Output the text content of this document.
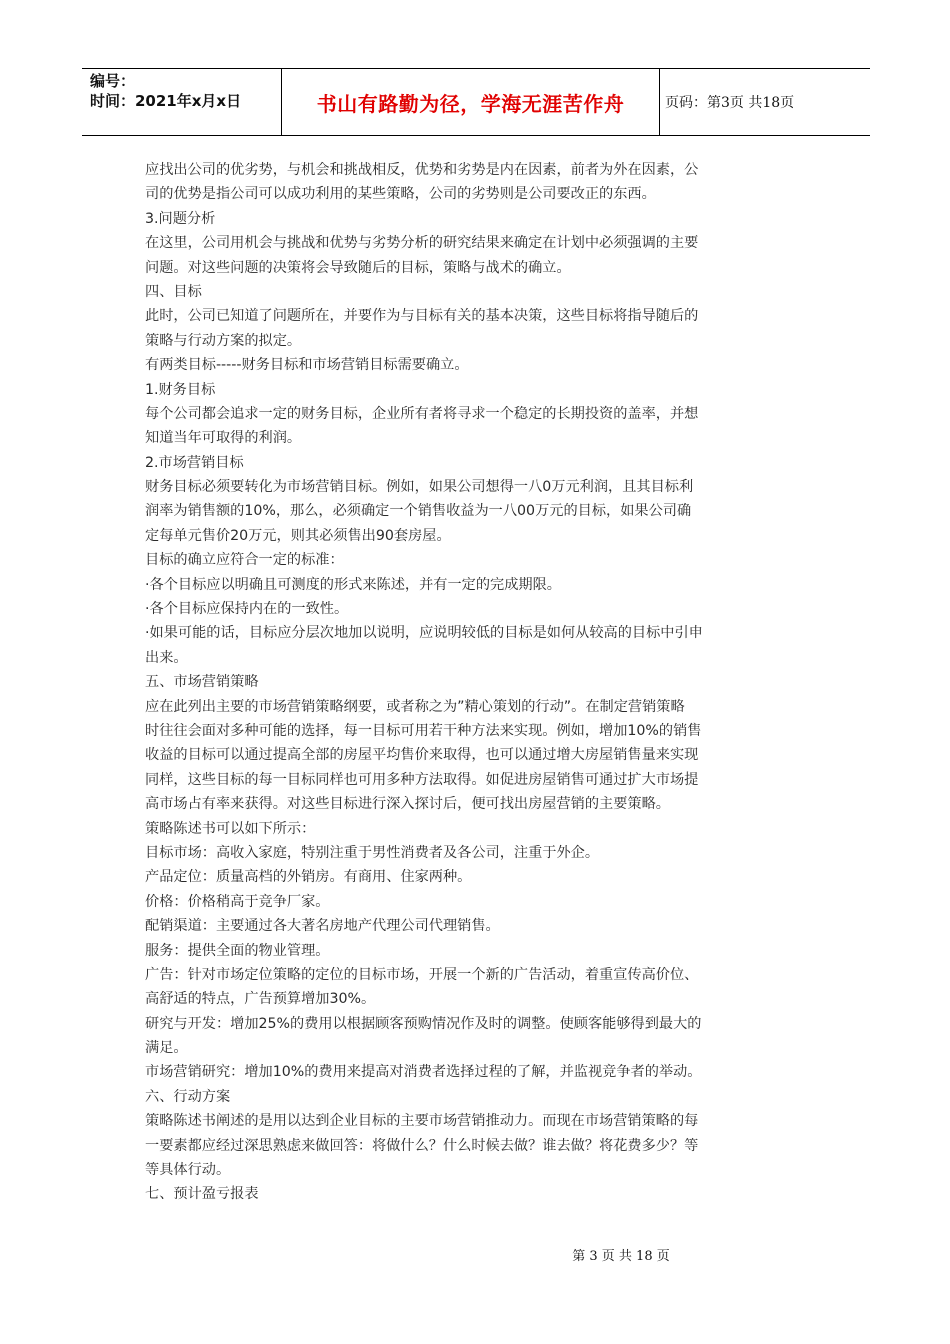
编号：
时间：2021年x月x日	书山有路勤为径，学海无涯苦作舟	页码：第3页 共18页
应找出公司的优劣势，与机会和挑战相反，优势和劣势是内在因素，前者为外在因素，公
司的优势是指公司可以成功利用的某些策略，公司的劣势则是公司要改正的东西。
3.问题分析
在这里，公司用机会与挑战和优势与劣势分析的研究结果来确定在计划中必须强调的主要
问题。对这些问题的决策将会导致随后的目标，策略与战术的确立。
四、目标
此时，公司已知道了问题所在，并要作为与目标有关的基本决策，这些目标将指导随后的
策略与行动方案的拟定。
有两类目标-----财务目标和市场营销目标需要确立。
1.财务目标
每个公司都会追求一定的财务目标，企业所有者将寻求一个稳定的长期投资的盖率，并想
知道当年可取得的利润。
2.市场营销目标
财务目标必须要转化为市场营销目标。例如，如果公司想得一八0万元利润，且其目标利
润率为销售额的10%，那么，必须确定一个销售收益为一八00万元的目标，如果公司确
定每单元售价20万元，则其必须售出90套房屋。
目标的确立应符合一定的标准：
·各个目标应以明确且可测度的形式来陈述，并有一定的完成期限。
·各个目标应保持内在的一致性。
·如果可能的话，目标应分层次地加以说明，应说明较低的目标是如何从较高的目标中引申
出来。
五、市场营销策略
应在此列出主要的市场营销策略纲要，或者称之为”精心策划的行动”。在制定营销策略
时往往会面对多种可能的选择，每一目标可用若干种方法来实现。例如，增加10%的销售
收益的目标可以通过提高全部的房屋平均售价来取得，也可以通过增大房屋销售量来实现
同样，这些目标的每一目标同样也可用多种方法取得。如促进房屋销售可通过扩大市场提
高市场占有率来获得。对这些目标进行深入探讨后，便可找出房屋营销的主要策略。
策略陈述书可以如下所示：
目标市场：高收入家庭，特别注重于男性消费者及各公司，注重于外企。
产品定位：质量高档的外销房。有商用、住家两种。
价格：价格稍高于竞争厂家。
配销渠道：主要通过各大著名房地产代理公司代理销售。
服务：提供全面的物业管理。
广告：针对市场定位策略的定位的目标市场，开展一个新的广告活动，着重宣传高价位、
高舒适的特点，广告预算增加30%。
研究与开发：增加25%的费用以根据顾客预购情况作及时的调整。使顾客能够得到最大的
满足。
市场营销研究：增加10%的费用来提高对消费者选择过程的了解，并监视竞争者的举动。
六、行动方案
策略陈述书阐述的是用以达到企业目标的主要市场营销推动力。而现在市场营销策略的每
一要素都应经过深思熟虑来做回答：将做什么？什么时候去做？谁去做？将花费多少？等
等具体行动。
七、预计盈亏报表
第 3 页 共 18 页
